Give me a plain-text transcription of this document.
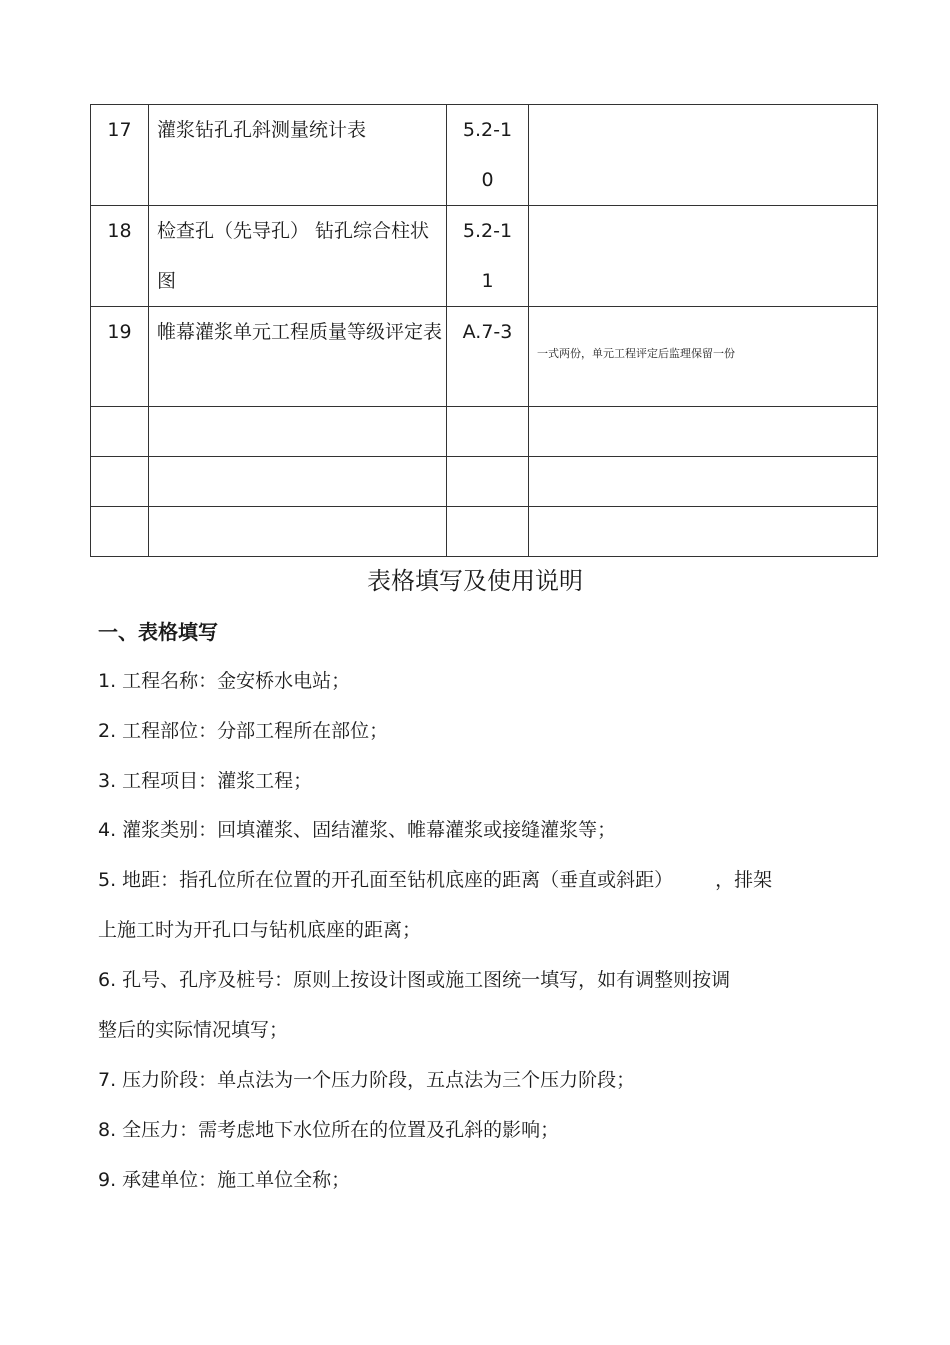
17	灌浆钻孔孔斜测量统计表	5.2-10	

18	检查孔（先导孔） 钻孔综合柱状图	5.2-11	

19	帷幕灌浆单元工程质量等级评定表	A.7-3	一式两份，单元工程评定后监理保留一份

表格填写及使用说明
一、表格填写

1. 工程名称：金安桥水电站；

2. 工程部位：分部工程所在部位；

3. 工程项目：灌浆工程；

4. 灌浆类别：回填灌浆、固结灌浆、帷幕灌浆或接缝灌浆等；

5. 地距：指孔位所在位置的开孔面至钻机底座的距离（垂直或斜距） ，排架

上施工时为开孔口与钻机底座的距离；

6. 孔号、孔序及桩号：原则上按设计图或施工图统一填写，如有调整则按调

整后的实际情况填写；

7. 压力阶段：单点法为一个压力阶段，五点法为三个压力阶段；

8. 全压力：需考虑地下水位所在的位置及孔斜的影响；

9. 承建单位：施工单位全称；
